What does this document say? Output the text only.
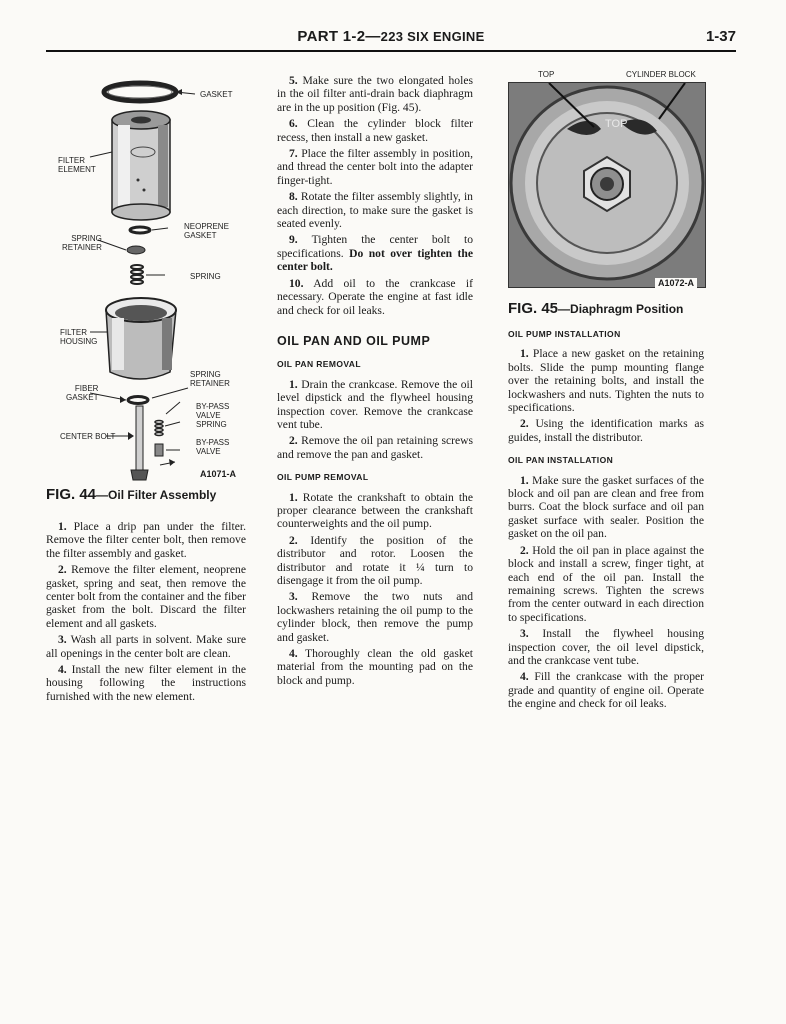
PART 1-2—223 SIX ENGINE	1-37
GASKET
FILTER
ELEMENT
NEOPRENE
GASKET
SPRING
RETAINER
SPRING
FILTER
HOUSING
SPRING
RETAINER
FIBER
GASKET
BY-PASS
VALVE
SPRING
CENTER BOLT
BY-PASS
VALVE
A1071-A
FIG. 44—Oil Filter Assembly

1. Place a drip pan under the filter. Remove the filter center bolt, then remove the filter assembly and gasket.

2. Remove the filter element, neoprene gasket, spring and seat, then remove the center bolt from the container and the fiber gasket from the bolt. Discard the filter element and all gaskets.

3. Wash all parts in solvent. Make sure all openings in the center bolt are clean.

4. Install the new filter element in the housing following the instructions furnished with the new element.

5. Make sure the two elongated holes in the oil filter anti-drain back diaphragm are in the up position (Fig. 45).

6. Clean the cylinder block filter recess, then install a new gasket.

7. Place the filter assembly in position, and thread the center bolt into the adapter finger-tight.

8. Rotate the filter assembly slightly, in each direction, to make sure the gasket is seated evenly.

9. Tighten the center bolt to specifications. Do not over tighten the center bolt.

10. Add oil to the crankcase if necessary. Operate the engine at fast idle and check for oil leaks.

OIL PAN AND OIL PUMP
OIL PAN REMOVAL

1. Drain the crankcase. Remove the oil level dipstick and the flywheel housing inspection cover. Remove the crankcase vent tube.

2. Remove the oil pan retaining screws and remove the pan and gasket.

OIL PUMP REMOVAL

1. Rotate the crankshaft to obtain the proper clearance between the crankshaft counterweights and the oil pump.

2. Identify the position of the distributor and rotor. Loosen the distributor and rotate it ¼ turn to disengage it from the oil pump.

3. Remove the two nuts and lockwashers retaining the oil pump to the cylinder block, then remove the pump and gasket.

4. Thoroughly clean the old gasket material from the mounting pad on the block and pump.

TOP	CYLINDER BLOCK
TOP
A1072-A
FIG. 45—Diaphragm Position
OIL PUMP INSTALLATION

1. Place a new gasket on the retaining bolts. Slide the pump mounting flange over the retaining bolts, and install the lockwashers and nuts. Tighten the nuts to specifications.

2. Using the identification marks as guides, install the distributor.

OIL PAN INSTALLATION

1. Make sure the gasket surfaces of the block and oil pan are clean and free from burrs. Coat the block surface and oil pan gasket surface with sealer. Position the gasket on the oil pan.

2. Hold the oil pan in place against the block and install a screw, finger tight, at each end of the oil pan. Install the remaining screws. Tighten the screws from the center outward in each direction to specifications.

3. Install the flywheel housing inspection cover, the oil level dipstick, and the crankcase vent tube.

4. Fill the crankcase with the proper grade and quantity of engine oil. Operate the engine and check for oil leaks.
